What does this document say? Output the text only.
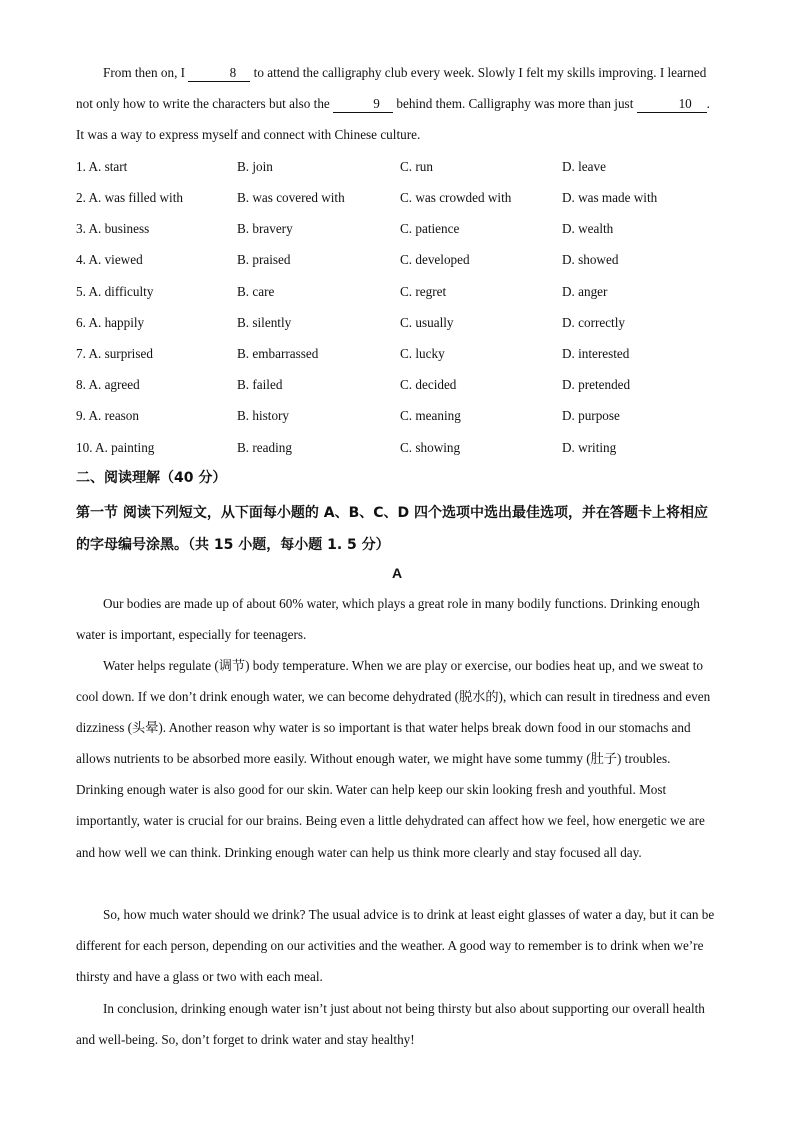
From then on, I	8 to attend the calligraphy club every week. Slowly I felt my skills improving. I learned not only how to write the characters but also the	9 behind them. Calligraphy was more than just	10 . It was a way to express myself and connect with Chinese culture.

1. A. start	B. join	C. run	D. leave
2. A. was filled with	B. was covered with	C. was crowded with	D. was made with
3. A. business	B. bravery	C. patience	D. wealth
4. A. viewed	B. praised	C. developed	D. showed
5. A. difficulty	B. care	C. regret	D. anger
6. A. happily	B. silently	C. usually	D. correctly
7. A. surprised	B. embarrassed	C. lucky	D. interested
8. A. agreed	B. failed	C. decided	D. pretended
9. A. reason	B. history	C. meaning	D. purpose
10. A. painting	B. reading	C. showing	D. writing
二、阅读理解（40 分）
第一节 阅读下列短文，从下面每小题的 A、B、C、D 四个选项中选出最佳选项，并在答题卡上将相应的字母编号涂黑。（共 15 小题，每小题 1. 5 分）
A

Our bodies are made up of about 60% water, which plays a great role in many bodily functions. Drinking enough water is important, especially for teenagers.

Water helps regulate (调节) body temperature. When we are play or exercise, our bodies heat up, and we sweat to cool down. If we don’t drink enough water, we can become dehydrated (脱水的), which can result in tiredness and even dizziness (头晕). Another reason why water is so important is that water helps break down food in our stomachs and allows nutrients to be absorbed more easily. Without enough water, we might have some tummy (肚子) troubles. Drinking enough water is also good for our skin. Water can help keep our skin looking fresh and youthful. Most importantly, water is crucial for our brains. Being even a little dehydrated can affect how we feel, how energetic we are and how well we can think. Drinking enough water can help us think more clearly and stay focused all day.

So, how much water should we drink? The usual advice is to drink at least eight glasses of water a day, but it can be different for each person, depending on our activities and the weather. A good way to remember is to drink when we’re thirsty and have a glass or two with each meal.

In conclusion, drinking enough water isn’t just about not being thirsty but also about supporting our overall health and well-being. So, don’t forget to drink water and stay healthy!
